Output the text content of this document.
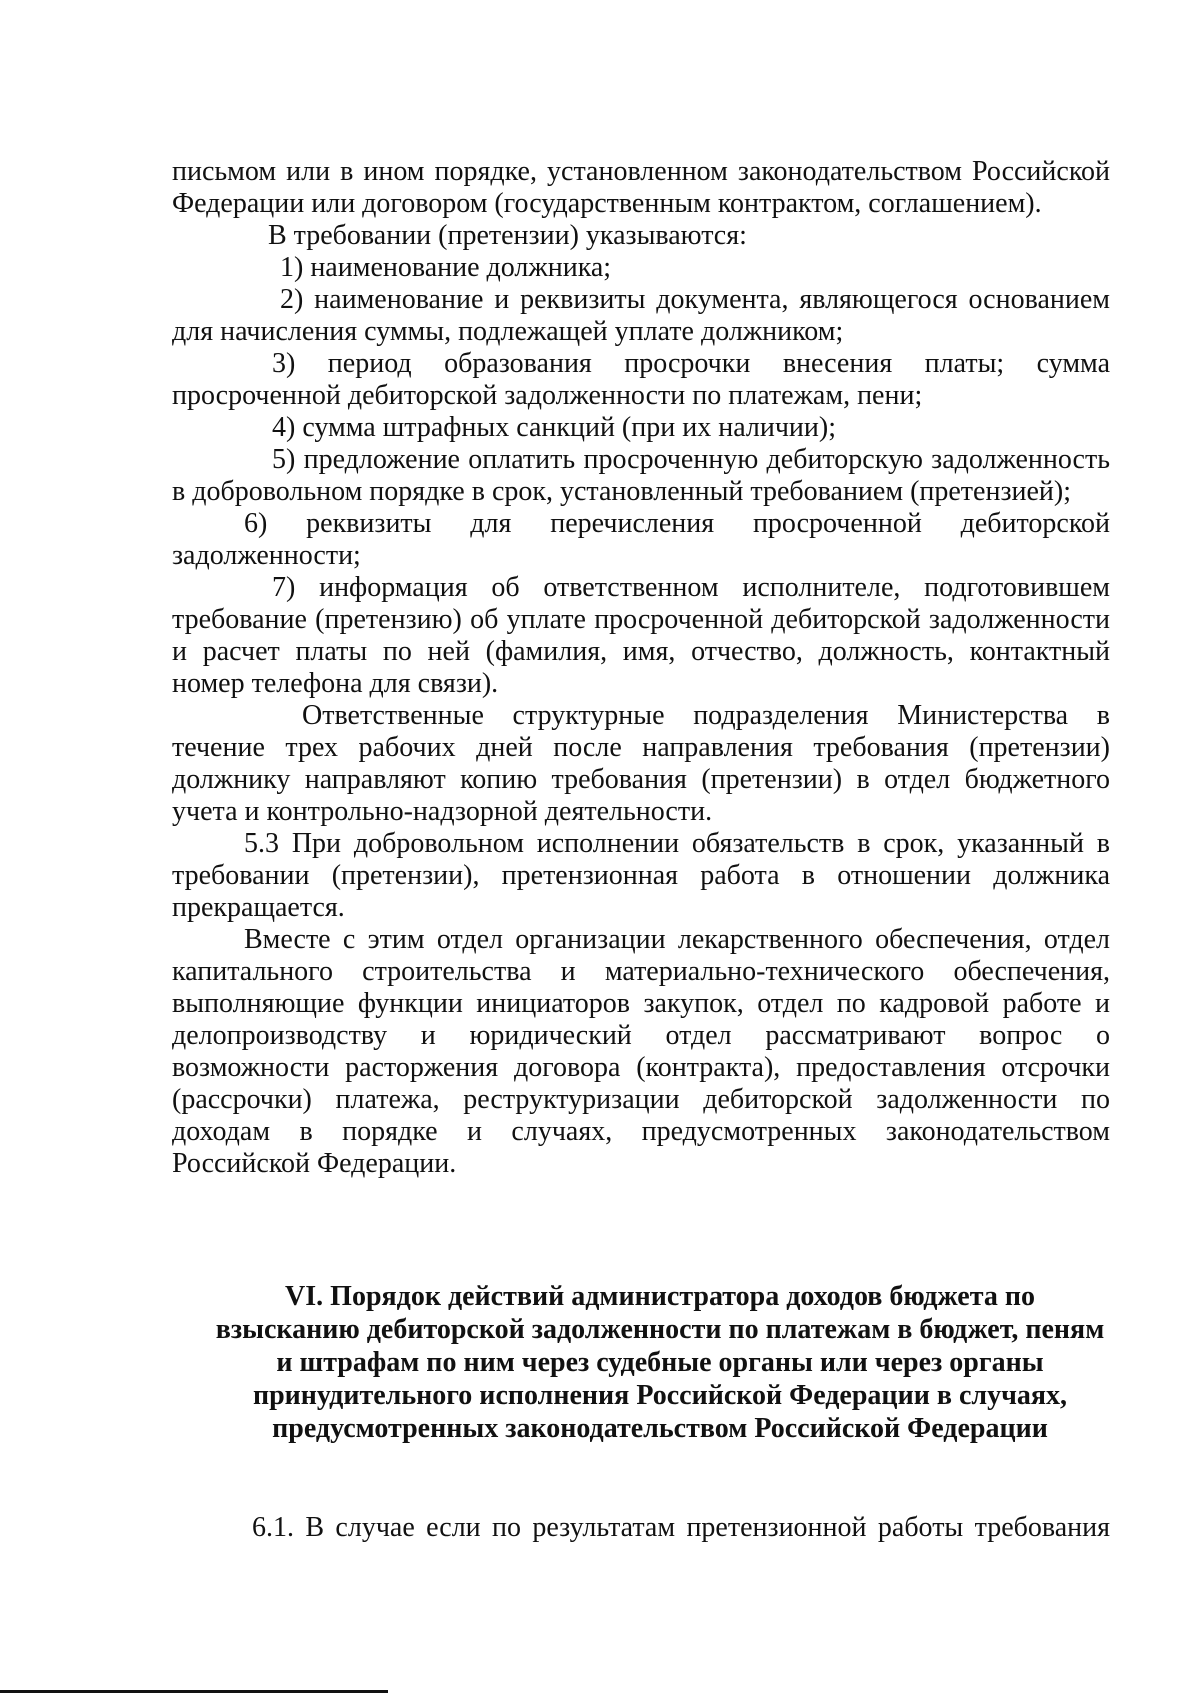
письмом или в ином порядке, установленном законодательством Российской Федерации или договором (государственным контрактом, соглашением).

В требовании (претензии) указываются:

1) наименование должника;

2) наименование и реквизиты документа, являющегося основанием для начисления суммы, подлежащей уплате должником;

3) период образования просрочки внесения платы; сумма просроченной дебиторской задолженности по платежам, пени;

4) сумма штрафных санкций (при их наличии);

5) предложение оплатить просроченную дебиторскую задолженность в добровольном порядке в срок, установленный требованием (претензией);

6) реквизиты для перечисления просроченной дебиторской задолженности;

7) информация об ответственном исполнителе, подготовившем требование (претензию) об уплате просроченной дебиторской задолженности и расчет платы по ней (фамилия, имя, отчество, должность, контактный номер телефона для связи).

Ответственные структурные подразделения Министерства в течение трех рабочих дней после направления требования (претензии) должнику направляют копию требования (претензии) в отдел бюджетного учета и контрольно-надзорной деятельности.

5.3 При добровольном исполнении обязательств в срок, указанный в требовании (претензии), претензионная работа в отношении должника прекращается.

Вместе с этим отдел организации лекарственного обеспечения, отдел капитального строительства и материально-технического обеспечения, выполняющие функции инициаторов закупок, отдел по кадровой работе и делопроизводству и юридический отдел рассматривают вопрос о возможности расторжения договора (контракта), предоставления отсрочки (рассрочки) платежа, реструктуризации дебиторской задолженности по доходам в порядке и случаях, предусмотренных законодательством Российской Федерации.

VI. Порядок действий администратора доходов бюджета по
взысканию дебиторской задолженности по платежам в бюджет, пеням
и штрафам по ним через судебные органы или через органы
принудительного исполнения Российской Федерации в случаях,
предусмотренных законодательством Российской Федерации

6.1. В случае если по результатам претензионной работы требования
